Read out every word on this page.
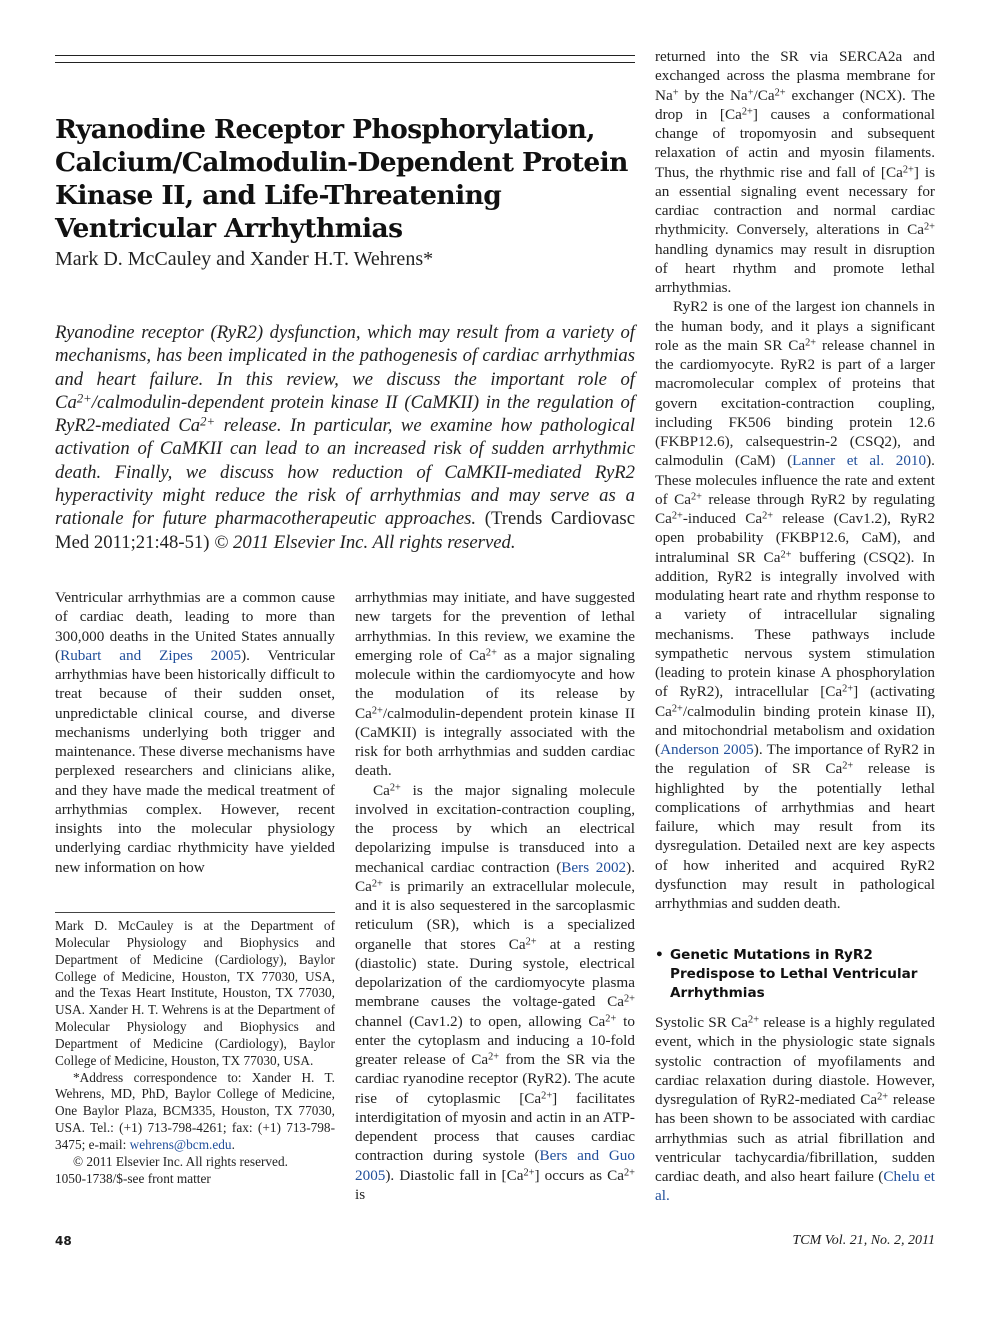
Ryanodine Receptor Phosphorylation,
Calcium/Calmodulin-Dependent Protein
Kinase II, and Life-Threatening
Ventricular Arrhythmias
Mark D. McCauley and Xander H.T. Wehrens*
Ryanodine receptor (RyR2) dysfunction, which may result from a variety of mechanisms, has been implicated in the pathogenesis of cardiac arrhythmias and heart failure. In this review, we discuss the important role of $Ca^{2+}/calmodulin$-dependent protein kinase II (CaMKII) in the regulation of RyR2-mediated $Ca^{2+}$ release. In particular, we examine how pathological activation of CaMKII can lead to an increased risk of sudden arrhythmic death. Finally, we discuss how reduction of CaMKII-mediated RyR2 hyperactivity might reduce the risk of arrhythmias and may serve as a rationale for future pharmacotherapeutic approaches. (Trends Cardiovasc Med 2011;21:48-51) © 2011 Elsevier Inc. All rights reserved.

Ventricular arrhythmias are a common cause of cardiac death, leading to more than 300,000 deaths in the United States annually (Rubart and Zipes 2005). Ventricular arrhythmias have been historically difficult to treat because of their sudden onset, unpredictable clinical course, and diverse mechanisms underlying both trigger and maintenance. These diverse mechanisms have perplexed researchers and clinicians alike, and they have made the medical treatment of arrhythmias complex. However, recent insights into the molecular physiology underlying cardiac rhythmicity have yielded new information on how

Mark D. McCauley is at the Department of Molecular Physiology and Biophysics and Department of Medicine (Cardiology), Baylor College of Medicine, Houston, TX 77030, USA, and the Texas Heart Institute, Houston, TX 77030, USA. Xander H. T. Wehrens is at the Department of Molecular Physiology and Biophysics and Department of Medicine (Cardiology), Baylor College of Medicine, Houston, TX 77030, USA.

*Address correspondence to: Xander H. T. Wehrens, MD, PhD, Baylor College of Medicine, One Baylor Plaza, BCM335, Houston, TX 77030, USA. Tel.: (+1) 713-798-4261; fax: (+1) 713-798-3475; e-mail: wehrens@bcm.edu.

© 2011 Elsevier Inc. All rights reserved.

1050-1738/$-see front matter

arrhythmias may initiate, and have suggested new targets for the prevention of lethal arrhythmias. In this review, we examine the emerging role of $Ca^{2+}$ as a major signaling molecule within the cardiomyocyte and how the modulation of its release by $Ca^{2+}/calmodulin$-dependent protein kinase II (CaMKII) is integrally associated with the risk for both arrhythmias and sudden cardiac death.

$Ca^{2+}$ is the major signaling molecule involved in excitation-contraction coupling, the process by which an electrical depolarizing impulse is transduced into a mechanical cardiac contraction (Bers 2002). $Ca^{2+}$ is primarily an extracellular molecule, and it is also sequestered in the sarcoplasmic reticulum (SR), which is a specialized organelle that stores $Ca^{2+}$ at a resting (diastolic) state. During systole, electrical depolarization of the cardiomyocyte plasma membrane causes the voltage-gated $Ca^{2+}$ channel (Cav1.2) to open, allowing $Ca^{2+}$ to enter the cytoplasm and inducing a 10-fold greater release of $Ca^{2+}$ from the SR via the cardiac ryanodine receptor (RyR2). The acute rise of cytoplasmic $[Ca^{2+}]$ facilitates interdigitation of myosin and actin in an ATP-dependent process that causes cardiac contraction during systole (Bers and Guo 2005). Diastolic fall in $[Ca^{2+}]$ occurs as $Ca^{2+}$ is

returned into the SR via SERCA2a and exchanged across the plasma membrane for Na+ by the $Na^+/Ca^{2+}$ exchanger (NCX). The drop in $[Ca^{2+}]$ causes a conformational change of tropomyosin and subsequent relaxation of actin and myosin filaments. Thus, the rhythmic rise and fall of $[Ca^{2+}]$ is an essential signaling event necessary for cardiac contraction and normal cardiac rhythmicity. Conversely, alterations in $Ca^{2+}$ handling dynamics may result in disruption of heart rhythm and promote lethal arrhythmias.

RyR2 is one of the largest ion channels in the human body, and it plays a significant role as the main SR $Ca^{2+}$ release channel in the cardiomyocyte. RyR2 is part of a larger macromolecular complex of proteins that govern excitation-contraction coupling, including FK506 binding protein 12.6 (FKBP12.6), calsequestrin-2 (CSQ2), and calmodulin (CaM) (Lanner et al. 2010). These molecules influence the rate and extent of $Ca^{2+}$ release through RyR2 by regulating $Ca^{2+}$-induced $Ca^{2+}$ release (Cav1.2), RyR2 open probability (FKBP12.6, CaM), and intraluminal SR $Ca^{2+}$ buffering (CSQ2). In addition, RyR2 is integrally involved with modulating heart rate and rhythm response to a variety of intracellular signaling mechanisms. These pathways include sympathetic nervous system stimulation (leading to protein kinase A phosphorylation of RyR2), intracellular $[Ca^{2+}]$ (activating $Ca^{2+}$/calmodulin binding protein kinase II), and mitochondrial metabolism and oxidation (Anderson 2005). The importance of RyR2 in the regulation of SR $Ca^{2+}$ release is highlighted by the potentially lethal complications of arrhythmias and heart failure, which may result from its dysregulation. Detailed next are key aspects of how inherited and acquired RyR2 dysfunction may result in pathological arrhythmias and sudden death.

• Genetic Mutations in RyR2 Predispose to Lethal Ventricular Arrhythmias

Systolic SR $Ca^{2+}$ release is a highly regulated event, which in the physiologic state signals systolic contraction of myofilaments and cardiac relaxation during diastole. However, dysregulation of RyR2-mediated $Ca^{2+}$ release has been shown to be associated with cardiac arrhythmias such as atrial fibrillation and ventricular tachycardia/fibrillation, sudden cardiac death, and also heart failure (Chelu et al.

48	TCM Vol. 21, No. 2, 2011
